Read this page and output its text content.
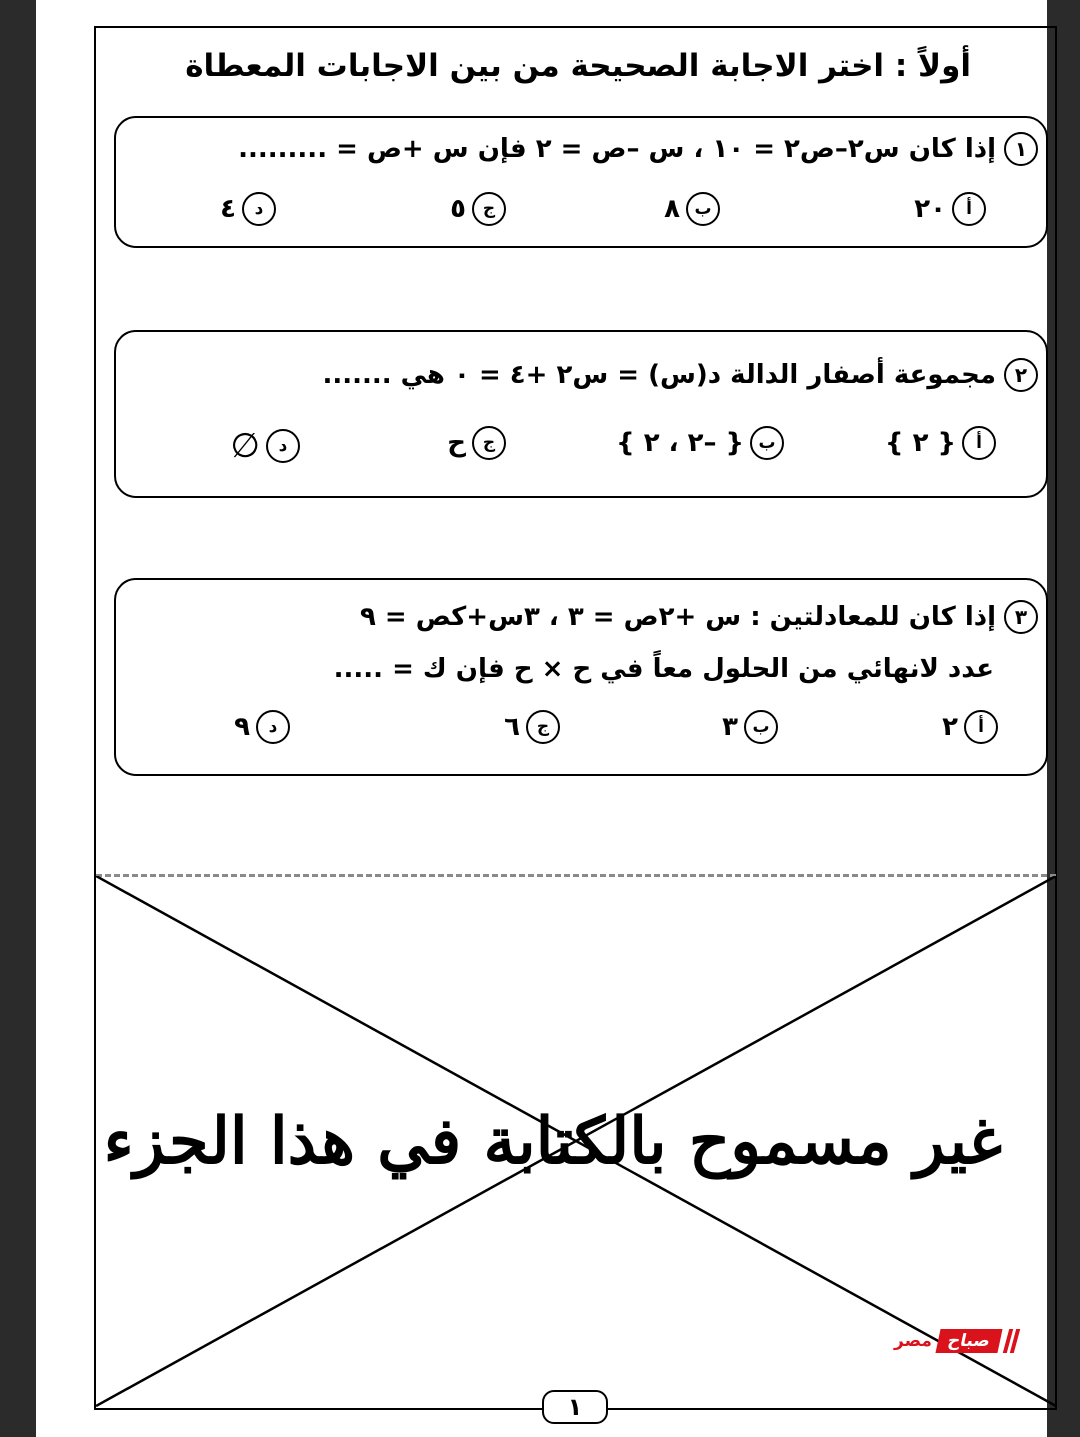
أولاً : اختر الاجابة الصحيحة من بين الاجابات المعطاة
١
إذا كان س٢–ص٢ = ١٠ ، س –ص = ٢ فإن س +ص = .........
أ
٢٠
ب
٨
ج
٥
د
٤
٢
مجموعة أصفار الدالة د(س) = س٢ +٤ = ٠ هي .......
أ
{ ٢ }
ب
{ –٢ ، ٢ }
ج
ح
د
∅
٣
إذا كان للمعادلتين : س +٢ص = ٣ ، ٣س+كص = ٩
عدد لانهائي من الحلول معاً في ح × ح فإن ك = .....
أ
٢
ب
٣
ج
٦
د
٩
غير مسموح بالكتابة في هذا الجزء
صباح
مصر
١
